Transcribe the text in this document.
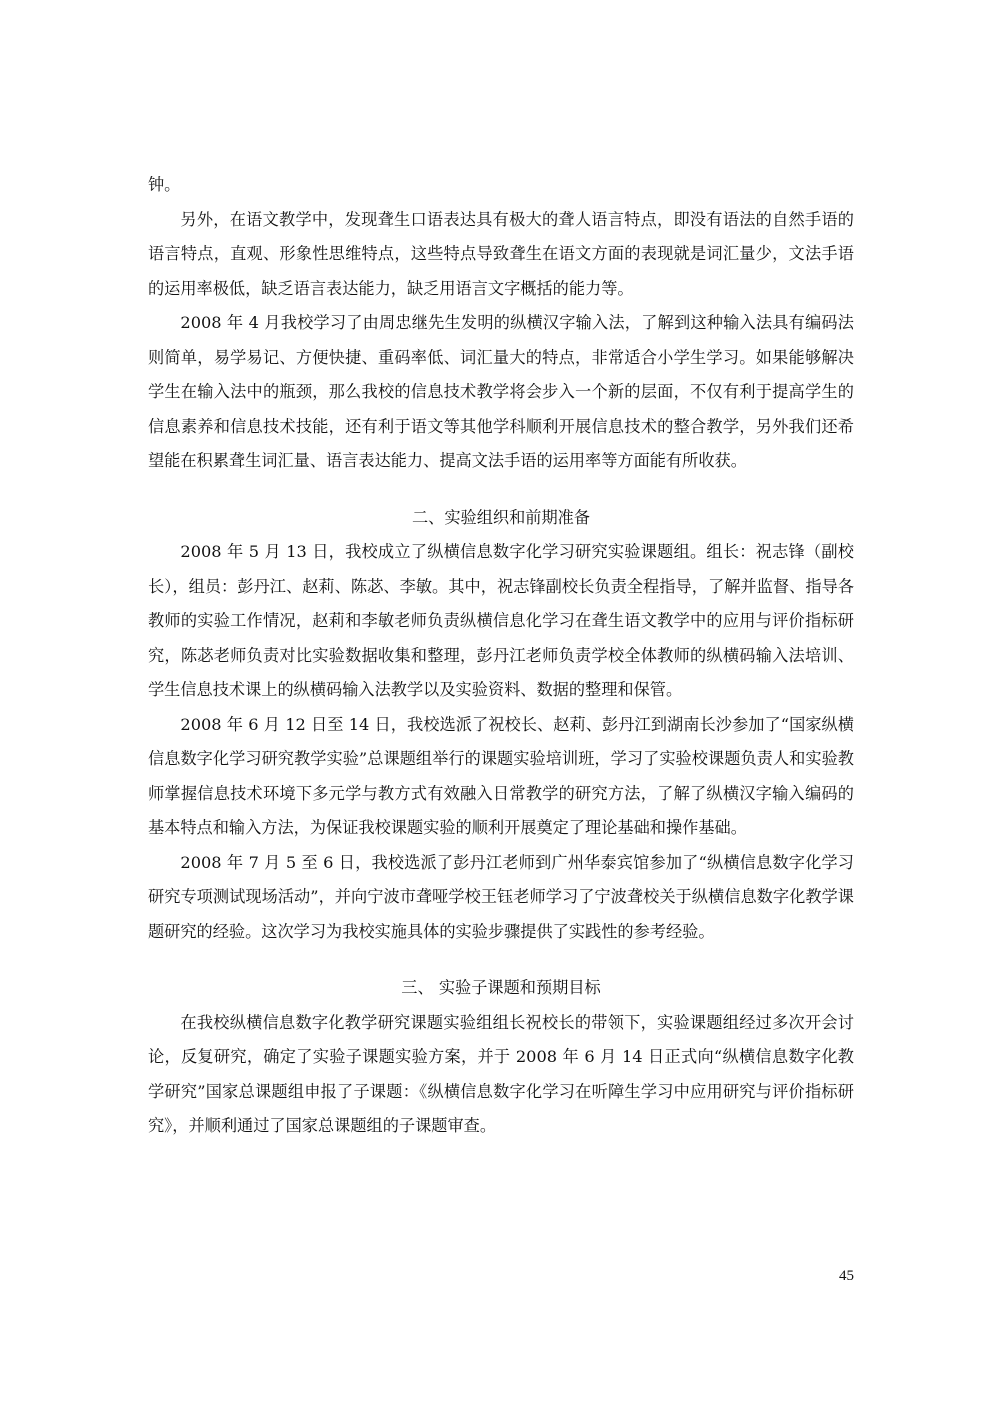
钟。

另外，在语文教学中，发现聋生口语表达具有极大的聋人语言特点，即没有语法的自然手语的语言特点，直观、形象性思维特点，这些特点导致聋生在语文方面的表现就是词汇量少，文法手语的运用率极低，缺乏语言表达能力，缺乏用语言文字概括的能力等。

2008 年 4 月我校学习了由周忠继先生发明的纵横汉字输入法，了解到这种输入法具有编码法则简单，易学易记、方便快捷、重码率低、词汇量大的特点，非常适合小学生学习。如果能够解决学生在输入法中的瓶颈，那么我校的信息技术教学将会步入一个新的层面，不仅有利于提高学生的信息素养和信息技术技能，还有利于语文等其他学科顺利开展信息技术的整合教学，另外我们还希望能在积累聋生词汇量、语言表达能力、提高文法手语的运用率等方面能有所收获。

二、实验组织和前期准备

2008 年 5 月 13 日，我校成立了纵横信息数字化学习研究实验课题组。组长：祝志锋（副校长），组员：彭丹江、赵莉、陈苾、李敏。其中，祝志锋副校长负责全程指导，了解并监督、指导各教师的实验工作情况，赵莉和李敏老师负责纵横信息化学习在聋生语文教学中的应用与评价指标研究，陈苾老师负责对比实验数据收集和整理，彭丹江老师负责学校全体教师的纵横码输入法培训、学生信息技术课上的纵横码输入法教学以及实验资料、数据的整理和保管。

2008 年 6 月 12 日至 14 日，我校选派了祝校长、赵莉、彭丹江到湖南长沙参加了“国家纵横信息数字化学习研究教学实验”总课题组举行的课题实验培训班，学习了实验校课题负责人和实验教师掌握信息技术环境下多元学与教方式有效融入日常教学的研究方法，了解了纵横汉字输入编码的基本特点和输入方法，为保证我校课题实验的顺利开展奠定了理论基础和操作基础。

2008 年 7 月 5 至 6 日，我校选派了彭丹江老师到广州华泰宾馆参加了“纵横信息数字化学习研究专项测试现场活动”，并向宁波市聋哑学校王钰老师学习了宁波聋校关于纵横信息数字化教学课题研究的经验。这次学习为我校实施具体的实验步骤提供了实践性的参考经验。

三、 实验子课题和预期目标

在我校纵横信息数字化教学研究课题实验组组长祝校长的带领下，实验课题组经过多次开会讨论，反复研究，确定了实验子课题实验方案，并于 2008 年 6 月 14 日正式向“纵横信息数字化教学研究”国家总课题组申报了子课题：《纵横信息数字化学习在听障生学习中应用研究与评价指标研究》，并顺利通过了国家总课题组的子课题审查。

45
